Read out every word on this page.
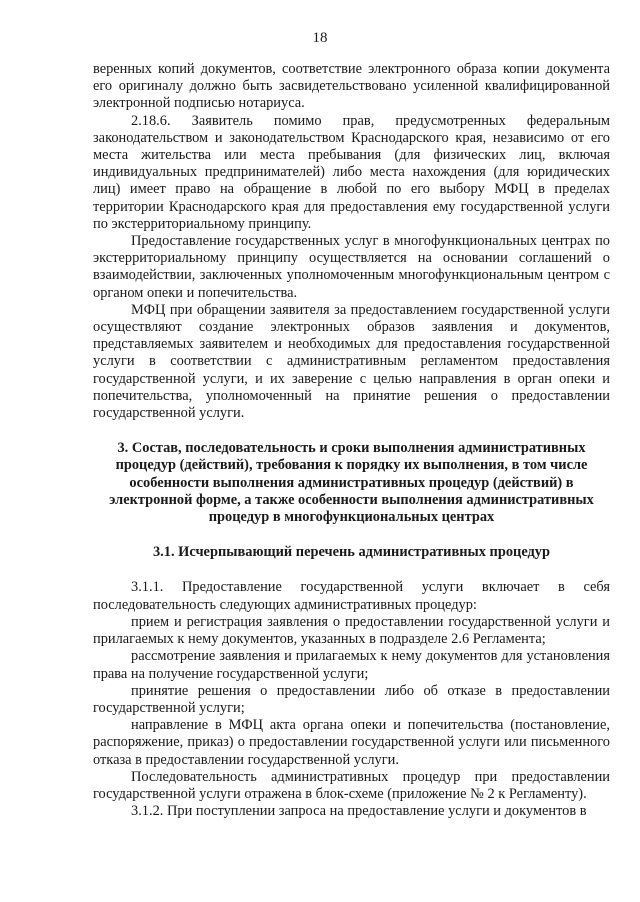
18

веренных копий документов, соответствие электронного образа копии документа его оригиналу должно быть засвидетельствовано усиленной квалифицированной электронной подписью нотариуса.

2.18.6. Заявитель помимо прав, предусмотренных федеральным законодательством и законодательством Краснодарского края, независимо от его места жительства или места пребывания (для физических лиц, включая индивидуальных предпринимателей) либо места нахождения (для юридических лиц) имеет право на обращение в любой по его выбору МФЦ в пределах территории Краснодарского края для предоставления ему государственной услуги по экстерриториальному принципу.

Предоставление государственных услуг в многофункциональных центрах по экстерриториальному принципу осуществляется на основании соглашений о взаимодействии, заключенных уполномоченным многофункциональным центром с органом опеки и попечительства.

МФЦ при обращении заявителя за предоставлением государственной услуги осуществляют создание электронных образов заявления и документов, представляемых заявителем и необходимых для предоставления государственной услуги в соответствии с административным регламентом предоставления государственной услуги, и их заверение с целью направления в орган опеки и попечительства, уполномоченный на принятие решения о предоставлении государственной услуги.

3. Состав, последовательность и сроки выполнения административных процедур (действий), требования к порядку их выполнения, в том числе особенности выполнения административных процедур (действий) в электронной форме, а также особенности выполнения административных процедур в многофункциональных центрах

3.1. Исчерпывающий перечень административных процедур

3.1.1. Предоставление государственной услуги включает в себя последовательность следующих административных процедур:

прием и регистрация заявления о предоставлении государственной услуги и прилагаемых к нему документов, указанных в подразделе 2.6 Регламента;

рассмотрение заявления и прилагаемых к нему документов для установления права на получение государственной услуги;

принятие решения о предоставлении либо об отказе в предоставлении государственной услуги;

направление в МФЦ акта органа опеки и попечительства (постановление, распоряжение, приказ) о предоставлении государственной услуги или письменного отказа в предоставлении государственной услуги.

Последовательность административных процедур при предоставлении государственной услуги отражена в блок-схеме (приложение № 2 к Регламенту).

3.1.2. При поступлении запроса на предоставление услуги и документов в
